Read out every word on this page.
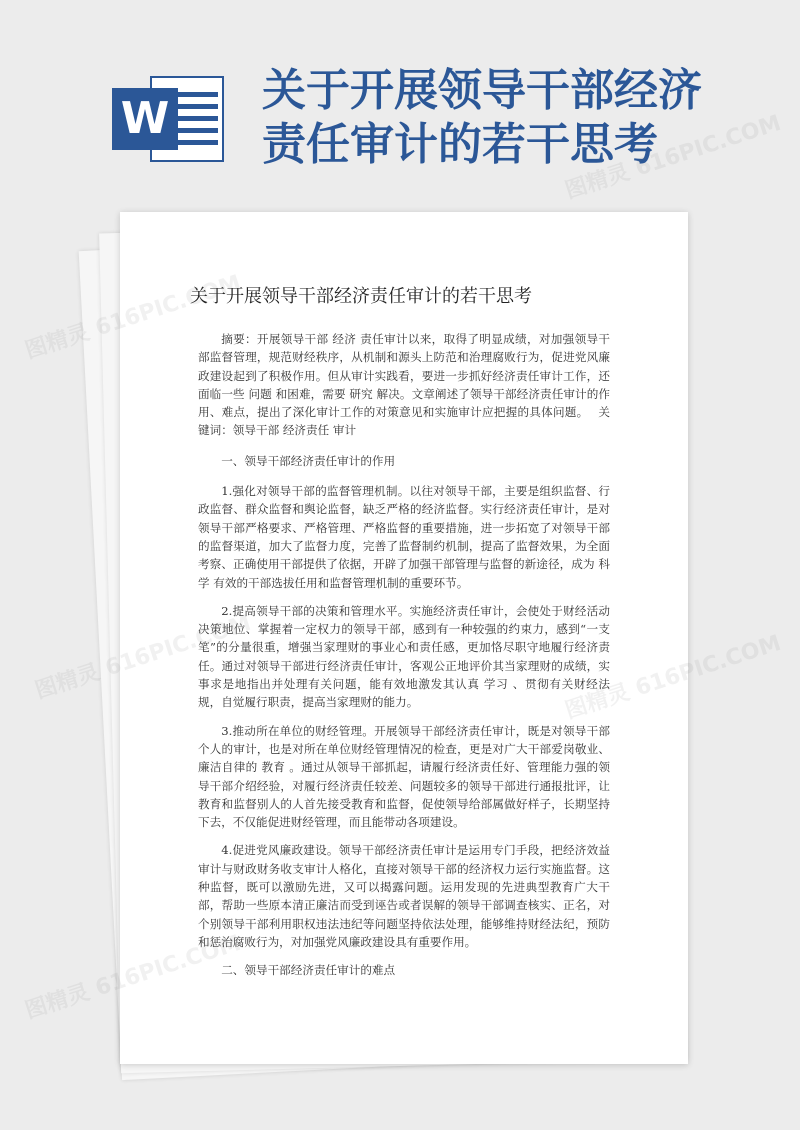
W
关于开展领导干部经济
责任审计的若干思考
关于开展领导干部经济责任审计的若干思考

摘要：开展领导干部 经济 责任审计以来，取得了明显成绩，对加强领导干部监督管理，规范财经秩序，从机制和源头上防范和治理腐败行为，促进党风廉政建设起到了积极作用。但从审计实践看，要进一步抓好经济责任审计工作，还面临一些 问题 和困难，需要 研究 解决。文章阐述了领导干部经济责任审计的作用、难点，提出了深化审计工作的对策意见和实施审计应把握的具体问题。　 关键词：领导干部 经济责任 审计

一、领导干部经济责任审计的作用

1.强化对领导干部的监督管理机制。以往对领导干部，主要是组织监督、行政监督、群众监督和舆论监督，缺乏严格的经济监督。实行经济责任审计，是对领导干部严格要求、严格管理、严格监督的重要措施，进一步拓宽了对领导干部的监督渠道，加大了监督力度，完善了监督制约机制，提高了监督效果，为全面考察、正确使用干部提供了依据，开辟了加强干部管理与监督的新途径，成为 科学 有效的干部选拔任用和监督管理机制的重要环节。

2.提高领导干部的决策和管理水平。实施经济责任审计，会使处于财经活动决策地位、掌握着一定权力的领导干部，感到有一种较强的约束力，感到“一支笔”的分量很重，增强当家理财的事业心和责任感，更加恪尽职守地履行经济责任。通过对领导干部进行经济责任审计，客观公正地评价其当家理财的成绩，实事求是地指出并处理有关问题，能有效地激发其认真 学习 、贯彻有关财经法规，自觉履行职责，提高当家理财的能力。

3.推动所在单位的财经管理。开展领导干部经济责任审计，既是对领导干部个人的审计，也是对所在单位财经管理情况的检查，更是对广大干部爱岗敬业、廉洁自律的 教育 。通过从领导干部抓起，请履行经济责任好、管理能力强的领导干部介绍经验，对履行经济责任较差、问题较多的领导干部进行通报批评，让教育和监督别人的人首先接受教育和监督，促使领导给部属做好样子，长期坚持下去，不仅能促进财经管理，而且能带动各项建设。

4.促进党风廉政建设。领导干部经济责任审计是运用专门手段，把经济效益审计与财政财务收支审计人格化，直接对领导干部的经济权力运行实施监督。这种监督，既可以激励先进，又可以揭露问题。运用发现的先进典型教育广大干部，帮助一些原本清正廉洁而受到诬告或者误解的领导干部调查核实、正名，对个别领导干部利用职权违法违纪等问题坚持依法处理，能够维持财经法纪，预防和惩治腐败行为，对加强党风廉政建设具有重要作用。

二、领导干部经济责任审计的难点

图精灵
图精灵 616PIC.COM
图精灵	616PIC.COM
图精灵
